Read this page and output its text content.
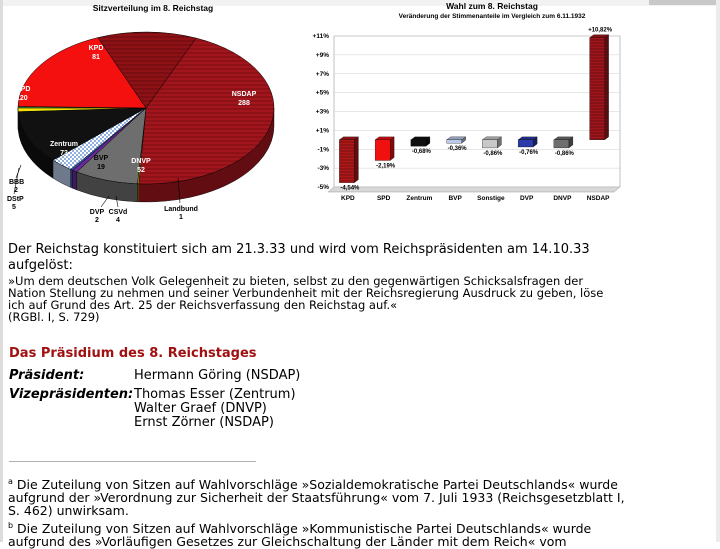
Sitzverteilung im 8. Reichstag
KPD 81
SPD 120
NSDAP 288
Zentrum 73
BVP 19
DNVP 52
BBB 2
DStP 5
DVP 2
CSVd 4
Landbund 1
Wahl zum 8. Reichstag
Veränderung der Stimmenanteile im Vergleich zum 6.11.1932
-5%
-3%
-1%
+1%
+3%
+5%
+7%
+9%
+11%
-4,54%
-2,19%
-0,68%
-0,36%
-0,86%	-0,76%	-0,86%
+10,82%
KPD	SPD Zentrum BVP Sonstige DVP	DNVP NSDAP
Der Reichstag konstituiert sich am 21.3.33 und wird vom Reichspräsidenten am 14.10.33 aufgelöst:
»Um dem deutschen Volk Gelegenheit zu bieten, selbst zu den gegenwärtigen Schicksalsfragen der Nation Stellung zu nehmen und seiner Verbundenheit mit der Reichsregierung Ausdruck zu geben, löse ich auf Grund des Art. 25 der Reichsverfassung den Reichstag auf.«
(RGBl. I, S. 729)
Das Präsidium des 8. Reichstages
Präsident:	Hermann Göring (NSDAP)
Vizepräsidenten: Thomas Esser (Zentrum)
Walter Graef (DNVP)
Ernst Zörner (NSDAP)
$^a$ Die Zuteilung von Sitzen auf Wahlvorschläge »Sozialdemokratische Partei Deutschlands« wurde aufgrund der »Verordnung zur Sicherheit der Staatsführung« vom 7. Juli 1933 (Reichsgesetzblatt I, S. 462) unwirksam.
$^b$ Die Zuteilung von Sitzen auf Wahlvorschläge »Kommunistische Partei Deutschlands« wurde aufgrund des »Vorläufigen Gesetzes zur Gleichschaltung der Länder mit dem Reich« vom
